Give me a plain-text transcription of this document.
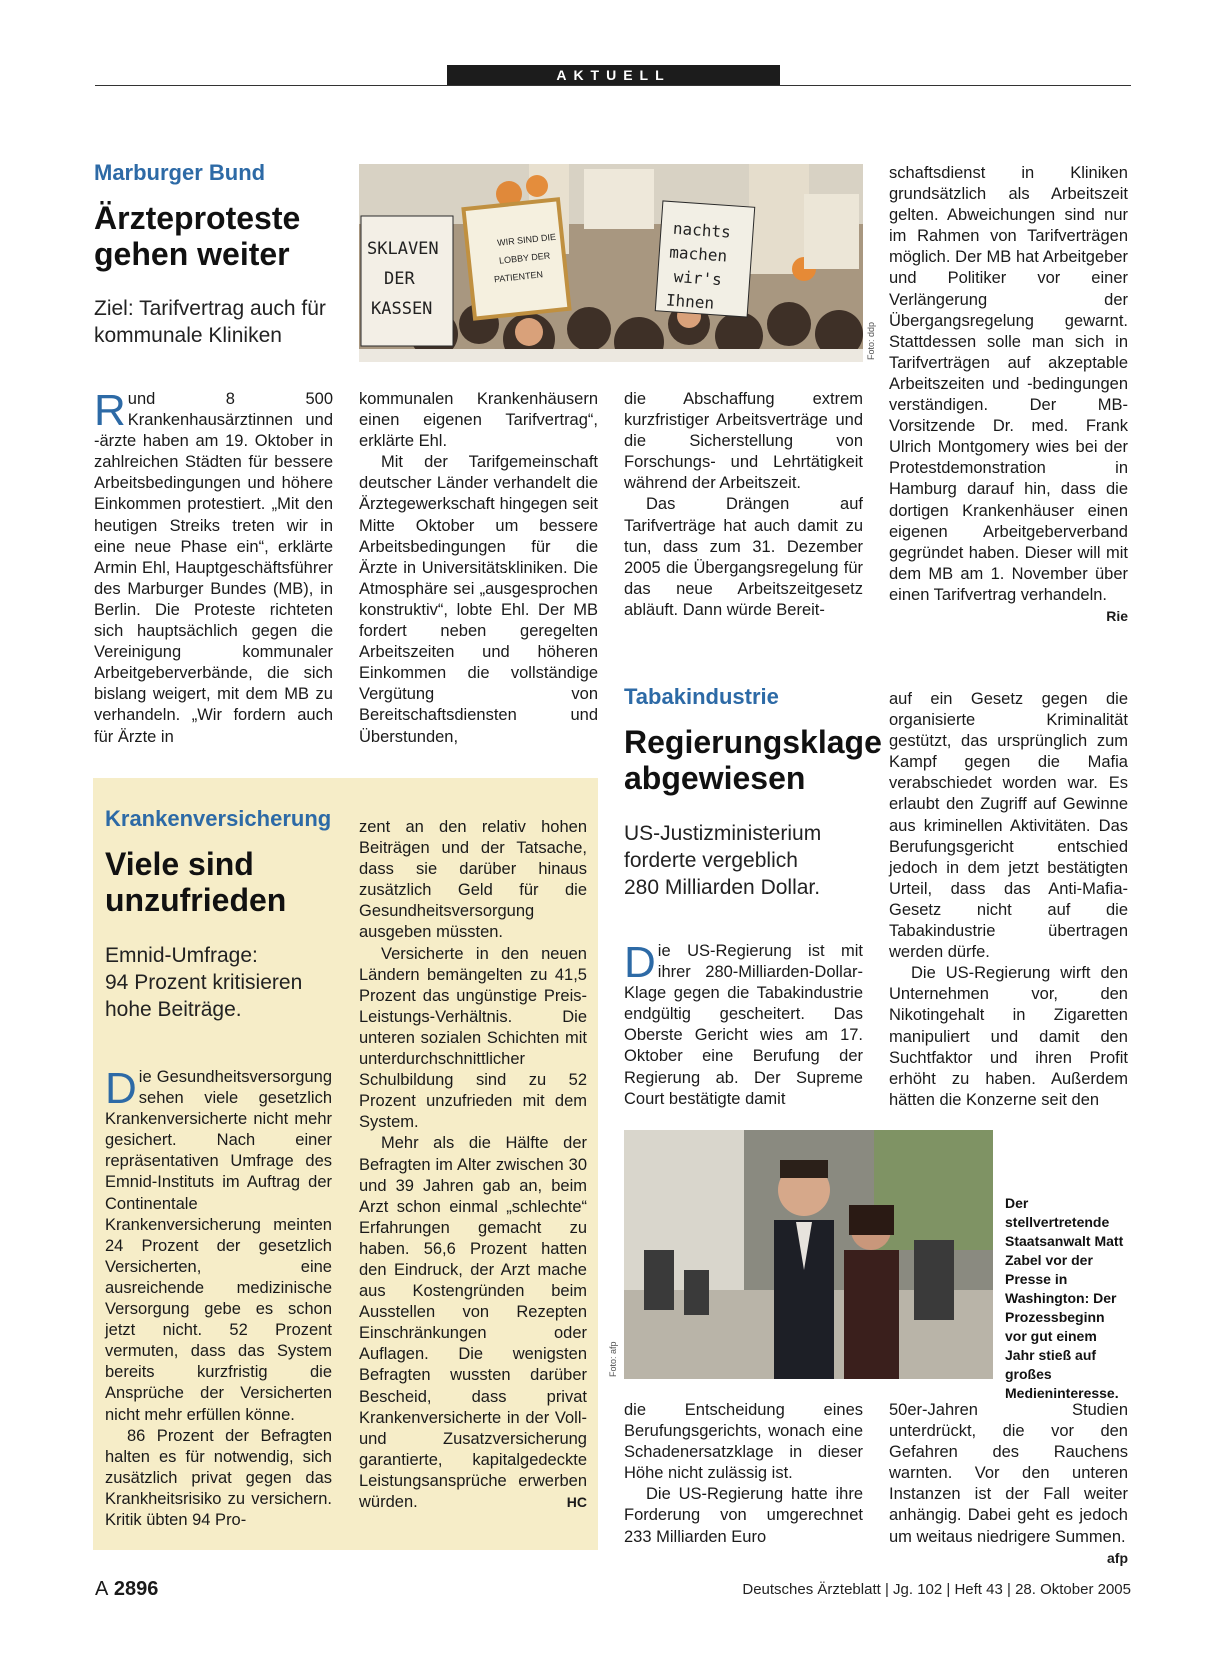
AKTUELL
Marburger Bund
Ärzteproteste
gehen weiter
Ziel: Tarifvertrag auch für
kommunale Kliniken
SKLAVEN
DER
KASSEN
WIR SIND DIE
LOBBY DER
PATIENTEN
nachts
machen
wir's
Ihnen
Foto: ddp

Rund 8 500 Krankenhausärztinnen und -ärzte haben am 19. Oktober in zahlreichen Städten für bessere Arbeitsbedingungen und höhere Einkommen protestiert. „Mit den heutigen Streiks treten wir in eine neue Phase ein“, erklärte Armin Ehl, Hauptgeschäftsführer des Marburger Bundes (MB), in Berlin. Die Proteste richteten sich hauptsächlich gegen die Vereinigung kommunaler Arbeitgeberverbände, die sich bislang weigert, mit dem MB zu verhandeln. „Wir fordern auch für Ärzte in

kommunalen Krankenhäusern einen eigenen Tarifvertrag“, erklärte Ehl.

Mit der Tarifgemeinschaft deutscher Länder verhandelt die Ärztegewerkschaft hingegen seit Mitte Oktober um bessere Arbeitsbedingungen für die Ärzte in Universitätskliniken. Die Atmosphäre sei „ausgesprochen konstruktiv“, lobte Ehl. Der MB fordert neben geregelten Arbeitszeiten und höheren Einkommen die vollständige Vergütung von Bereitschaftsdiensten und Überstunden,

die Abschaffung extrem kurzfristiger Arbeitsverträge und die Sicherstellung von Forschungs- und Lehrtätigkeit während der Arbeitszeit.

Das Drängen auf Tarifverträge hat auch damit zu tun, dass zum 31. Dezember 2005 die Übergangsregelung für das neue Arbeitszeitgesetz abläuft. Dann würde Bereit-

schaftsdienst in Kliniken grundsätzlich als Arbeitszeit gelten. Abweichungen sind nur im Rahmen von Tarifverträgen möglich. Der MB hat Arbeitgeber und Politiker vor einer Verlängerung der Übergangsregelung gewarnt. Stattdessen solle man sich in Tarifverträgen auf akzeptable Arbeitszeiten und -bedingungen verständigen. Der MB-Vorsitzende Dr. med. Frank Ulrich Montgomery wies bei der Protestdemonstration in Hamburg darauf hin, dass die dortigen Krankenhäuser einen eigenen Arbeitgeberverband gegründet haben. Dieser will mit dem MB am 1. November über einen Tarifvertrag verhandeln.
Rie

Krankenversicherung
Viele sind
unzufrieden
Emnid-Umfrage:
94 Prozent kritisieren
hohe Beiträge.

Die Gesundheitsversorgung sehen viele gesetzlich Krankenversicherte nicht mehr gesichert. Nach einer repräsentativen Umfrage des Emnid-Instituts im Auftrag der Continentale Krankenversicherung meinten 24 Prozent der gesetzlich Versicherten, eine ausreichende medizinische Versorgung gebe es schon jetzt nicht. 52 Prozent vermuten, dass das System bereits kurzfristig die Ansprüche der Versicherten nicht mehr erfüllen könne.

86 Prozent der Befragten halten es für notwendig, sich zusätzlich privat gegen das Krankheitsrisiko zu versichern. Kritik übten 94 Pro-

zent an den relativ hohen Beiträgen und der Tatsache, dass sie darüber hinaus zusätzlich Geld für die Gesundheitsversorgung ausgeben müssten.

Versicherte in den neuen Ländern bemängelten zu 41,5 Prozent das ungünstige Preis-Leistungs-Verhältnis. Die unteren sozialen Schichten mit unterdurchschnittlicher Schulbildung sind zu 52 Prozent unzufrieden mit dem System.

Mehr als die Hälfte der Befragten im Alter zwischen 30 und 39 Jahren gab an, beim Arzt schon einmal „schlechte“ Erfahrungen gemacht zu haben. 56,6 Prozent hatten den Eindruck, der Arzt mache aus Kostengründen beim Ausstellen von Rezepten Einschränkungen oder Auflagen. Die wenigsten Befragten wussten darüber Bescheid, dass privat Krankenversicherte in der Voll- und Zusatzversicherung garantierte, kapitalgedeckte Leistungsansprüche erwerben würden.	HC

Tabakindustrie
Regierungsklage
abgewiesen
US-Justizministerium
forderte vergeblich
280 Milliarden Dollar.

Die US-Regierung ist mit ihrer 280-Milliarden-Dollar-Klage gegen die Tabakindustrie endgültig gescheitert. Das Oberste Gericht wies am 17. Oktober eine Berufung der Regierung ab. Der Supreme Court bestätigte damit

auf ein Gesetz gegen die organisierte Kriminalität gestützt, das ursprünglich zum Kampf gegen die Mafia verabschiedet worden war. Es erlaubt den Zugriff auf Gewinne aus kriminellen Aktivitäten. Das Berufungsgericht entschied jedoch in dem jetzt bestätigten Urteil, dass das Anti-Mafia-Gesetz nicht auf die Tabakindustrie übertragen werden dürfe.

Die US-Regierung wirft den Unternehmen vor, den Nikotingehalt in Zigaretten manipuliert und damit den Suchtfaktor und ihren Profit erhöht zu haben. Außerdem hätten die Konzerne seit den

Foto: afp
Der stellvertretende Staatsanwalt Matt Zabel vor der Presse in Washington: Der Prozessbeginn vor gut einem Jahr stieß auf großes Medieninteresse.

die Entscheidung eines Berufungsgerichts, wonach eine Schadenersatzklage in dieser Höhe nicht zulässig ist.

Die US-Regierung hatte ihre Forderung von umgerechnet 233 Milliarden Euro

50er-Jahren Studien unterdrückt, die vor den Gefahren des Rauchens warnten. Vor den unteren Instanzen ist der Fall weiter anhängig. Dabei geht es jedoch um weitaus niedrigere Summen.
afp

A 2896	Deutsches Ärzteblatt | Jg. 102 | Heft 43 | 28. Oktober 2005
